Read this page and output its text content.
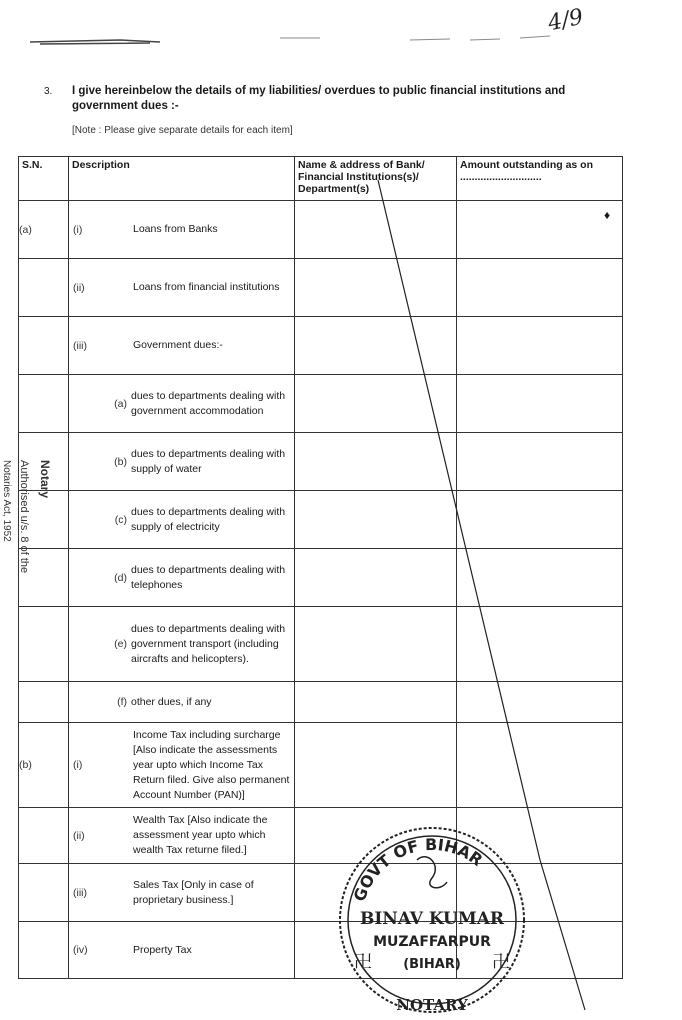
4/9
3. I give hereinbelow the details of my liabilities/ overdues to public financial institutions and government dues :-
[Note : Please give separate details for each item]
S.N.	Description	Name & address of Bank/ Financial Institutions(s)/ Department(s)	Amount outstanding as on ............................
(a)	(i) Loans from Banks		

	(ii) Loans from financial institutions		

	(iii) Government dues:-		

	(a)
dues to departments dealing with government accommodation		

	(b)
dues to departments dealing with supply of water		

	(c)
dues to departments dealing with supply of electricity		

	(d)
dues to departments dealing with telephones		

	(e)
dues to departments dealing with government transport (including aircrafts and helicopters).		

	(f) other dues, if any		

(b)	(i)
Income Tax including surcharge [Also indicate the assessments year upto which Income Tax Return filed. Give also permanent Account Number (PAN)]		

	(ii)
Wealth Tax [Also indicate the assessment year upto which wealth Tax returne filed.]		

	(iii)
Sales Tax [Only in case of proprietary business.]		

	(iv) Property Tax		

♦
Notary
Authorised u/s. 8 of the
Notaries Act, 1952
GOVT OF BIHAR
BINAV KUMAR
MUZAFFARPUR
(BIHAR)
NOTARY
卍	卍
